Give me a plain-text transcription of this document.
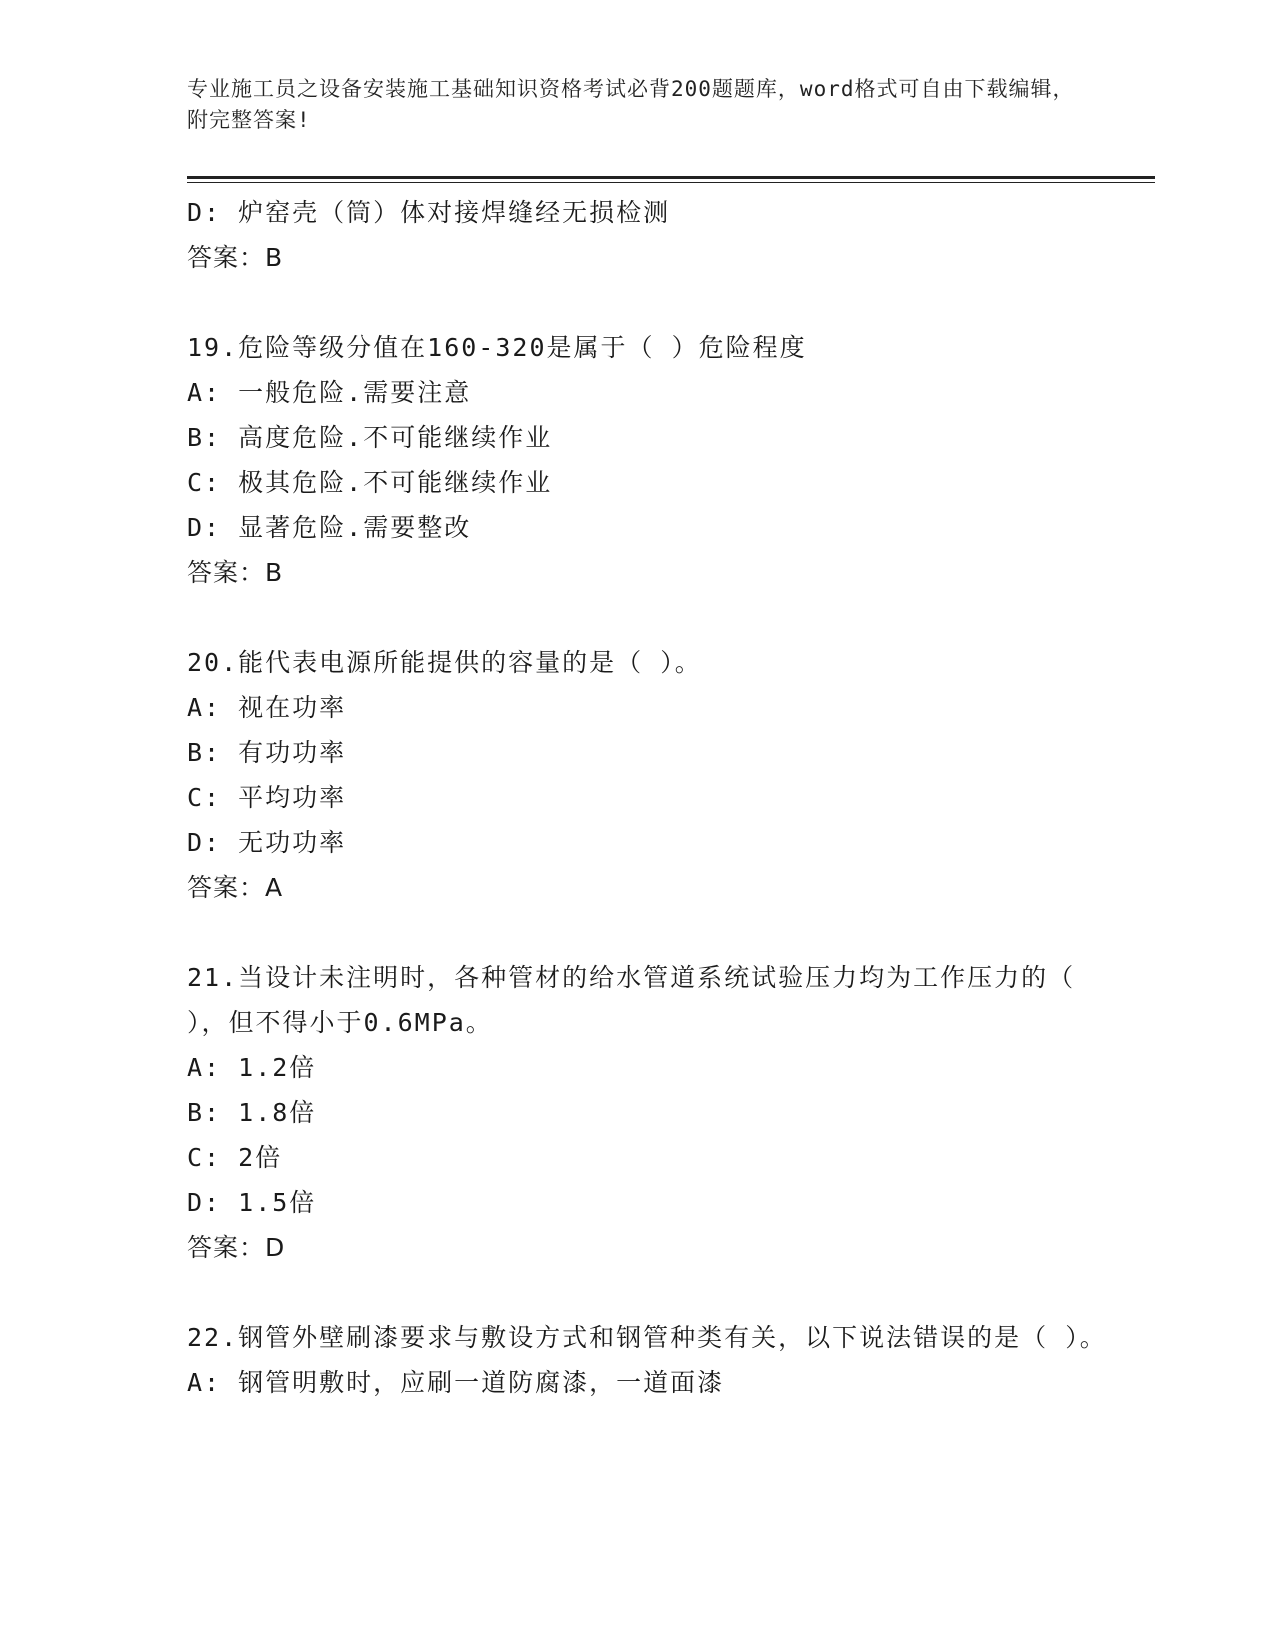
专业施工员之设备安装施工基础知识资格考试必背200题题库，word格式可自由下载编辑，附完整答案!
D: 炉窑壳（筒）体对接焊缝经无损检测
答案：B
19.危险等级分值在160-320是属于（ ）危险程度
A: 一般危险.需要注意
B: 高度危险.不可能继续作业
C: 极其危险.不可能继续作业
D: 显著危险.需要整改
答案：B
20.能代表电源所能提供的容量的是（ ）。
A: 视在功率
B: 有功功率
C: 平均功率
D: 无功功率
答案：A
21.当设计未注明时，各种管材的给水管道系统试验压力均为工作压力的（ ），但不得小于0.6MPa。
A: 1.2倍
B: 1.8倍
C: 2倍
D: 1.5倍
答案：D
22.钢管外壁刷漆要求与敷设方式和钢管种类有关，以下说法错误的是（ ）。
A: 钢管明敷时，应刷一道防腐漆，一道面漆
